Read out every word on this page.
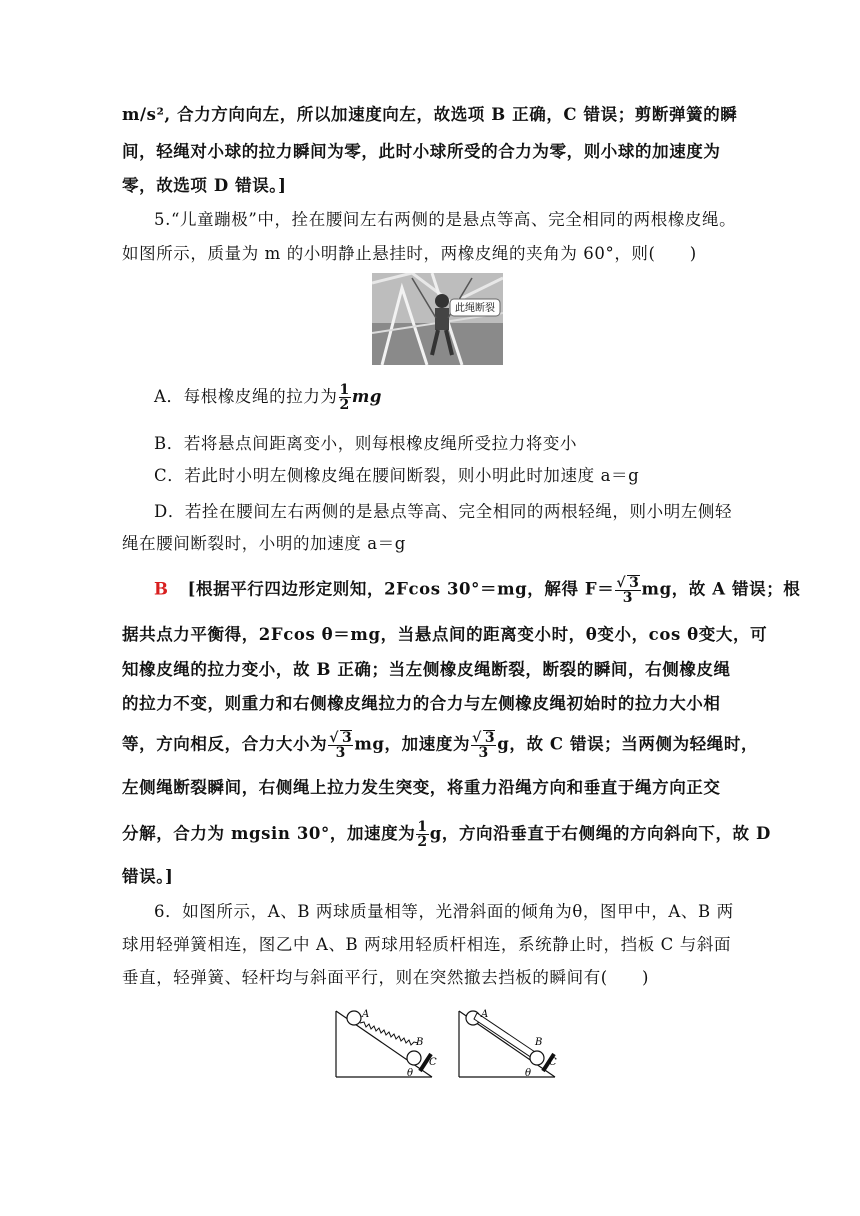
m/s², 合力方向向左，所以加速度向左，故选项 B 正确，C 错误；剪断弹簧的瞬
间，轻绳对小球的拉力瞬间为零，此时小球所受的合力为零，则小球的加速度为
零，故选项 D 错误。]
5.“儿童蹦极”中，拴在腰间左右两侧的是悬点等高、完全相同的两根橡皮绳。
如图所示，质量为 m 的小明静止悬挂时，两橡皮绳的夹角为 60°，则(　　)
此绳断裂
A．每根橡皮绳的拉力为 $\frac{1}{2}$ mg
B．若将悬点间距离变小，则每根橡皮绳所受拉力将变小
C．若此时小明左侧橡皮绳在腰间断裂，则小明此时加速度 a＝g
D．若拴在腰间左右两侧的是悬点等高、完全相同的两根轻绳，则小明左侧轻
绳在腰间断裂时，小明的加速度 a＝g
B [根据平行四边形定则知，2Fcos 30°＝mg，解得 $F= \frac{√ 3}{3}$ mg，故 A 错误；根
据共点力平衡得，2Fcos θ＝mg，当悬点间的距离变小时，θ变小，cos θ变大，可
知橡皮绳的拉力变小，故 B 正确；当左侧橡皮绳断裂，断裂的瞬间，右侧橡皮绳
的拉力不变，则重力和右侧橡皮绳拉力的合力与左侧橡皮绳初始时的拉力大小相
等，方向相反，合力大小为 $\frac{√ 3}{3}$ mg，加速度为 $\frac{√ 3}{3}$ g，故 C 错误；当两侧为轻绳时，
左侧绳断裂瞬间，右侧绳上拉力发生突变，将重力沿绳方向和垂直于绳方向正交
分解，合力为 mgsin 30°，加速度为 $\frac{1}{2}$ g，方向沿垂直于右侧绳的方向斜向下，故 D
错误。]
6．如图所示，A、B 两球质量相等，光滑斜面的倾角为θ，图甲中，A、B 两
球用轻弹簧相连，图乙中 A、B 两球用轻质杆相连，系统静止时，挡板 C 与斜面
垂直，轻弹簧、轻杆均与斜面平行，则在突然撤去挡板的瞬间有(　　)
A
B
C
θ
A
B
C
θ
